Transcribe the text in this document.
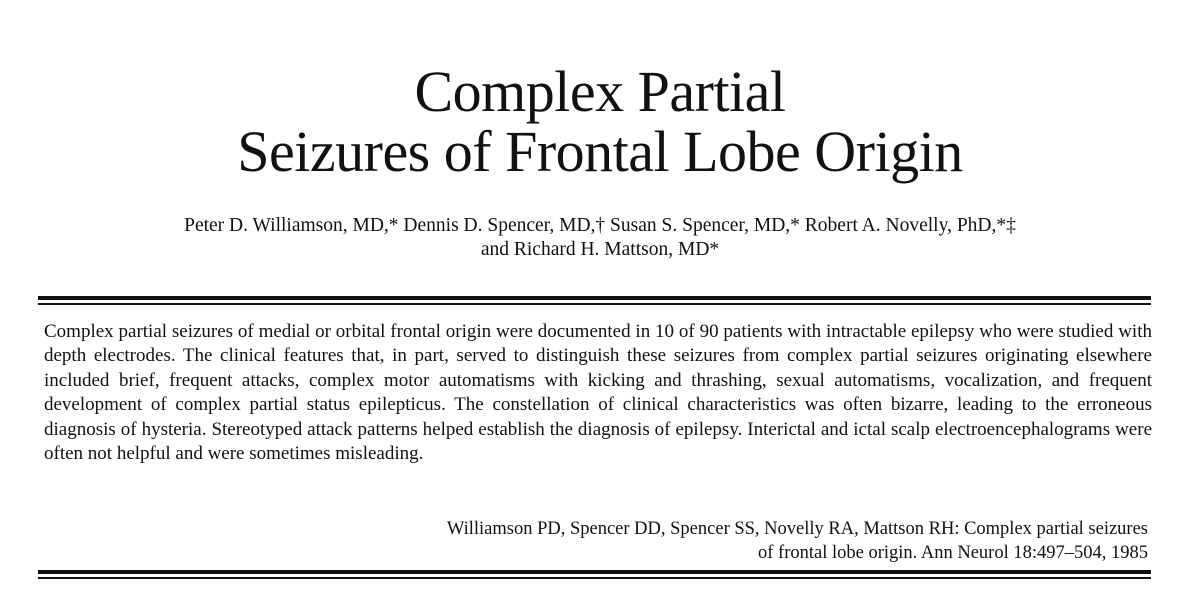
Complex Partial
Seizures of Frontal Lobe Origin
Peter D. Williamson, MD,* Dennis D. Spencer, MD,† Susan S. Spencer, MD,* Robert A. Novelly, PhD,*‡
and Richard H. Mattson, MD*

Complex partial seizures of medial or orbital frontal origin were documented in 10 of 90 patients with intractable epilepsy who were studied with depth electrodes. The clinical features that, in part, served to distinguish these seizures from complex partial seizures originating elsewhere included brief, frequent attacks, complex motor automatisms with kicking and thrashing, sexual automatisms, vocalization, and frequent development of complex partial status epilepticus. The constellation of clinical characteristics was often bizarre, leading to the erroneous diagnosis of hysteria. Stereotyped attack patterns helped establish the diagnosis of epilepsy. Interictal and ictal scalp electroencephalograms were often not helpful and were sometimes misleading.

Williamson PD, Spencer DD, Spencer SS, Novelly RA, Mattson RH: Complex partial seizures
of frontal lobe origin. Ann Neurol 18:497–504, 1985
